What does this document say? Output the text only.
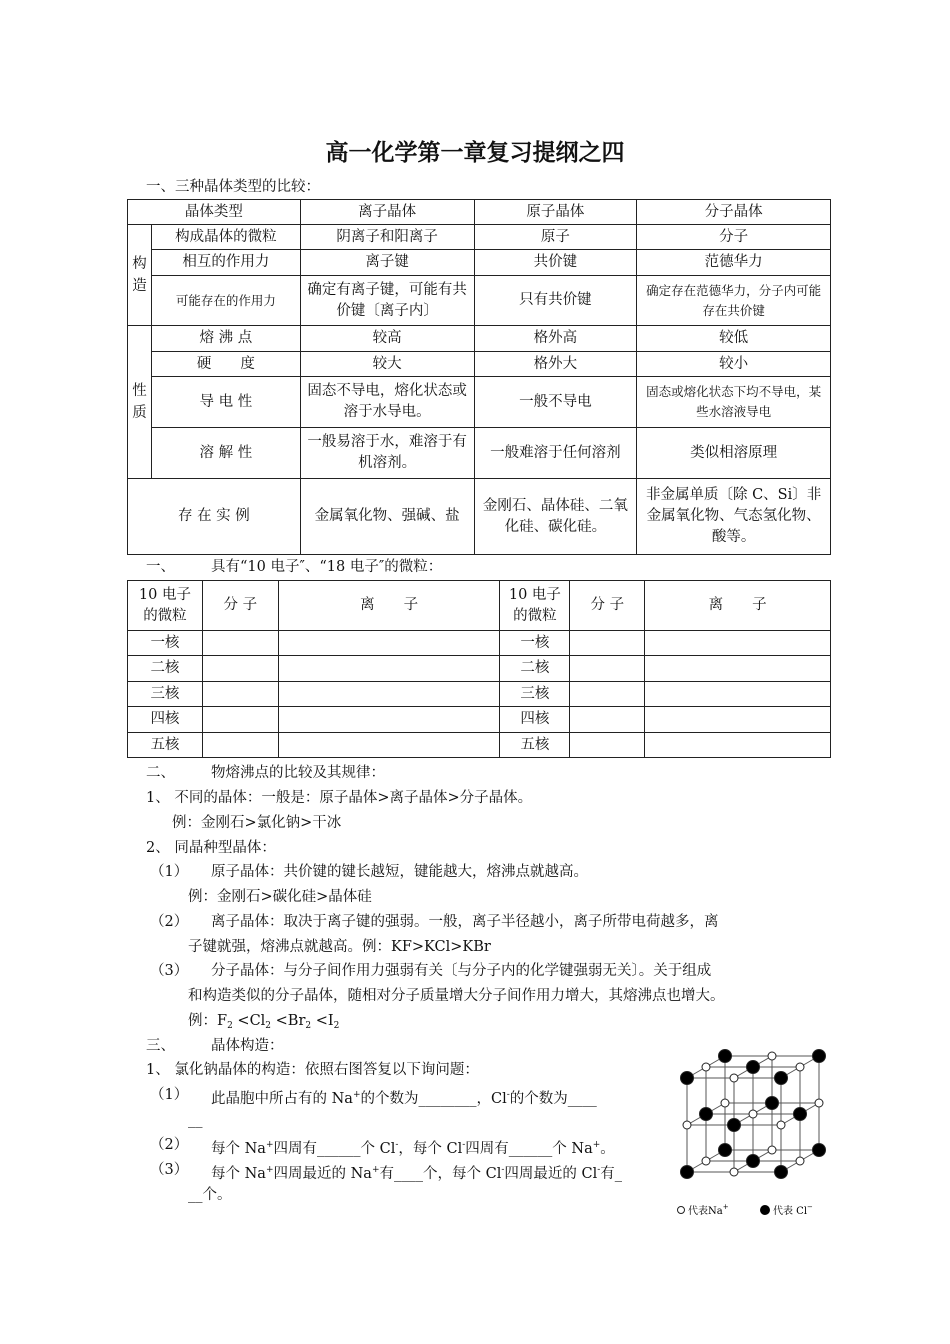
高一化学第一章复习提纲之四
一、三种晶体类型的比较：
晶体类型		离子晶体	原子晶体	分子晶体
构造	构成晶体的微粒	阴离子和阳离子	原子	分子
	相互的作用力	离子键	共价键	范德华力
	可能存在的作用力	确定有离子键，可能有共价键〔离子内〕	只有共价键	确定存在范德华力，分子内可能存在共价键
性质	熔 沸 点	较高	格外高	较低
	硬　　度	较大	格外大	较小
	导 电 性	固态不导电，熔化状态或溶于水导电。	一般不导电	固态或熔化状态下均不导电，某些水溶液导电
	溶 解 性	一般易溶于水，难溶于有机溶剂。	一般难溶于任何溶剂	类似相溶原理
存 在 实 例		金属氧化物、强碱、盐	金刚石、晶体硅、二氧化硅、碳化硅。	非金属单质〔除 C、Si〕非金属氧化物、气态氢化物、酸等。
一、 具有“10 电子″、“18 电子″的微粒：
10 电子的微粒	分 子	离　　子	10 电子的微粒	分 子	离　　子
一核			一核		
二核			二核		
三核			三核		
四核			四核		
五核			五核		
二、 物熔沸点的比较及其规律：
1、 不同的晶体：一般是：原子晶体>离子晶体>分子晶体。
例：金刚石>氯化钠>干冰
2、 同晶种型晶体：
（1） 原子晶体：共价键的键长越短，键能越大，熔沸点就越高。
例：金刚石>碳化硅>晶体硅
（2） 离子晶体：取决于离子键的强弱。一般，离子半径越小，离子所带电荷越多，离
子键就强，熔沸点就越高。例：KF>KCl>KBr
（3） 分子晶体：与分子间作用力强弱有关〔与分子内的化学键强弱无关〕。关于组成
和构造类似的分子晶体，随相对分子质量增大分子间作用力增大，其熔沸点也增大。
例：$F_2 <Cl_2 <Br_2 <I_2$
三、 晶体构造：
1、 氯化钠晶体的构造：依照右图答复以下询问题：
（1） 此晶胞中所占有的 Na+的个数为________，Cl-的个数为____
__
（2） 每个 Na+四周有______个 Cl-，每个 Cl-四周有______个 Na+。
（3） 每个 Na+四周最近的 Na+有____个，每个 Cl-四周最近的 Cl-有_
__个。
代表Na+	代表 Cl−
